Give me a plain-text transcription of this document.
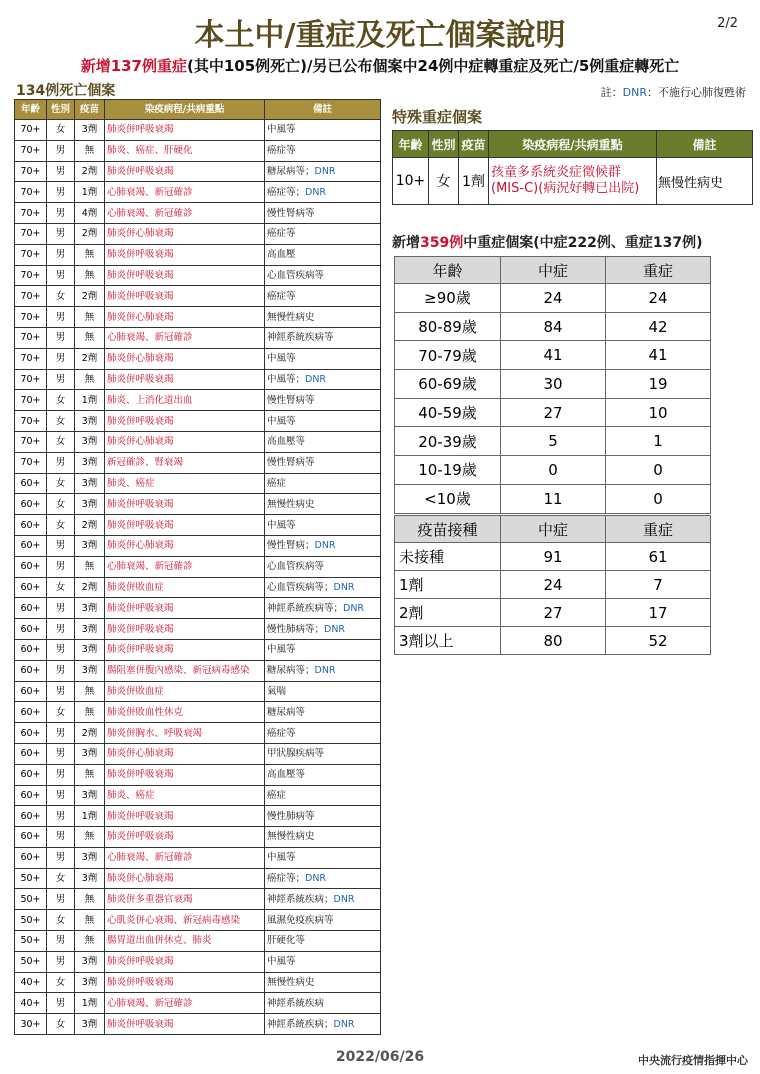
本土中/重症及死亡個案說明	2/2
新增137例重症(其中105例死亡)/另已公布個案中24例中症轉重症及死亡/5例重症轉死亡
134例死亡個案	註：DNR：不施行心肺復甦術
年齡	性別	疫苗	染疫病程/共病重點	備註
70+	女	3劑	肺炎併呼吸衰竭	中風等
70+	男	無	肺炎、癌症、肝硬化	癌症等
70+	男	2劑	肺炎併呼吸衰竭	糖尿病等；DNR
70+	男	1劑	心肺衰竭、新冠確診	癌症等；DNR
70+	男	4劑	心肺衰竭、新冠確診	慢性腎病等
70+	男	2劑	肺炎併心肺衰竭	癌症等
70+	男	無	肺炎併呼吸衰竭	高血壓
70+	男	無	肺炎併呼吸衰竭	心血管疾病等
70+	女	2劑	肺炎併呼吸衰竭	癌症等
70+	男	無	肺炎併心肺衰竭	無慢性病史
70+	男	無	心肺衰竭、新冠確診	神經系統疾病等
70+	男	2劑	肺炎併心肺衰竭	中風等
70+	男	無	肺炎併呼吸衰竭	中風等；DNR
70+	女	1劑	肺炎、上消化道出血	慢性腎病等
70+	女	3劑	肺炎併呼吸衰竭	中風等
70+	女	3劑	肺炎併心肺衰竭	高血壓等
70+	男	3劑	新冠確診、腎衰竭	慢性腎病等
60+	女	3劑	肺炎、癌症	癌症
60+	女	3劑	肺炎併呼吸衰竭	無慢性病史
60+	女	2劑	肺炎併呼吸衰竭	中風等
60+	男	3劑	肺炎併心肺衰竭	慢性腎病；DNR
60+	男	無	心肺衰竭、新冠確診	心血管疾病等
60+	女	2劑	肺炎併敗血症	心血管疾病等；DNR
60+	男	3劑	肺炎併呼吸衰竭	神經系統疾病等；DNR
60+	男	3劑	肺炎併呼吸衰竭	慢性肺病等；DNR
60+	男	3劑	肺炎併呼吸衰竭	中風等
60+	男	3劑	腸阻塞併腹內感染、新冠病毒感染	糖尿病等；DNR
60+	男	無	肺炎併敗血症	氣喘
60+	女	無	肺炎併敗血性休克	糖尿病等
60+	男	2劑	肺炎併胸水、呼吸衰竭	癌症等
60+	男	3劑	肺炎併心肺衰竭	甲狀腺疾病等
60+	男	無	肺炎併呼吸衰竭	高血壓等
60+	男	3劑	肺炎、癌症	癌症
60+	男	1劑	肺炎併呼吸衰竭	慢性肺病等
60+	男	無	肺炎併呼吸衰竭	無慢性病史
60+	男	3劑	心肺衰竭、新冠確診	中風等
50+	女	3劑	肺炎併心肺衰竭	癌症等；DNR
50+	男	無	肺炎併多重器官衰竭	神經系統疾病；DNR
50+	女	無	心肌炎併心衰竭、新冠病毒感染	風濕免疫疾病等
50+	男	無	腸胃道出血併休克、肺炎	肝硬化等
50+	男	3劑	肺炎併呼吸衰竭	中風等
40+	女	3劑	肺炎併呼吸衰竭	無慢性病史
40+	男	1劑	心肺衰竭、新冠確診	神經系統疾病
30+	女	3劑	肺炎併呼吸衰竭	神經系統疾病；DNR
特殊重症個案
年齡	性別	疫苗	染疫病程/共病重點	備註
10+	女	1劑	孩童多系統炎症徵候群(MIS-C)(病況好轉已出院)	無慢性病史
新增359例中重症個案(中症222例、重症137例)
年齡	中症	重症
≥90歲	24	24
80-89歲	84	42
70-79歲	41	41
60-69歲	30	19
40-59歲	27	10
20-39歲	5	1
10-19歲	0	0
<10歲	11	0
疫苗接種	中症	重症
未接種	91	61
1劑	24	7
2劑	27	17
3劑以上	80	52
2022/06/26	中央流行疫情指揮中心
